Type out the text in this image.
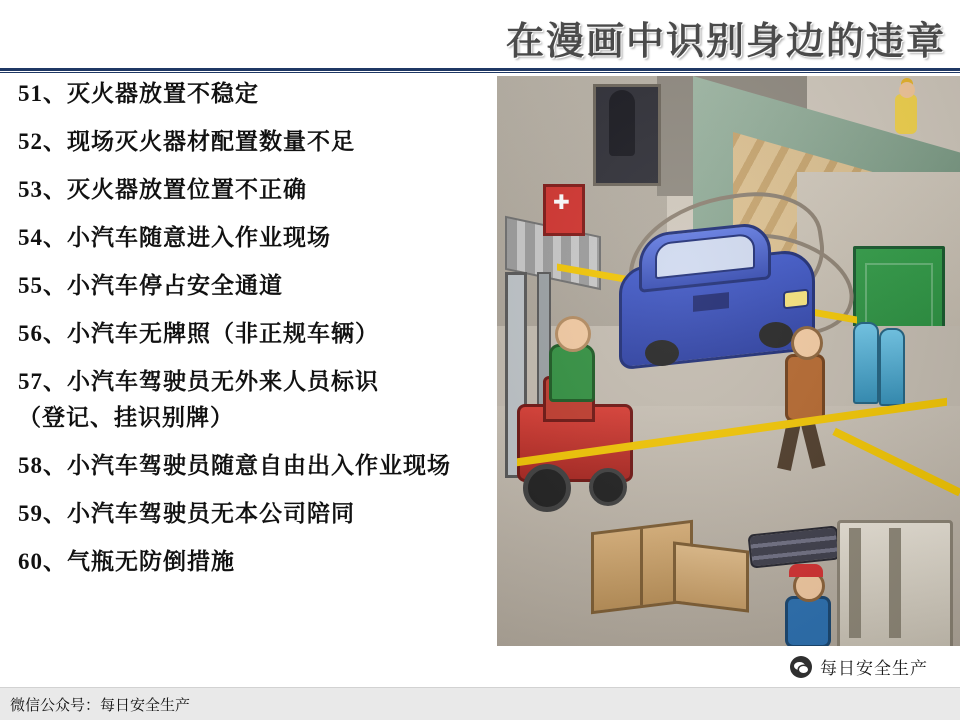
在漫画中识别身边的违章
51、灭火器放置不稳定
52、现场灭火器材配置数量不足
53、灭火器放置位置不正确
54、小汽车随意进入作业现场
55、小汽车停占安全通道
56、小汽车无牌照（非正规车辆）
57、小汽车驾驶员无外来人员标识
（登记、挂识别牌）
58、小汽车驾驶员随意自由出入作业现场
59、小汽车驾驶员无本公司陪同
60、气瓶无防倒措施
✚
每日安全生产
微信公众号：每日安全生产
